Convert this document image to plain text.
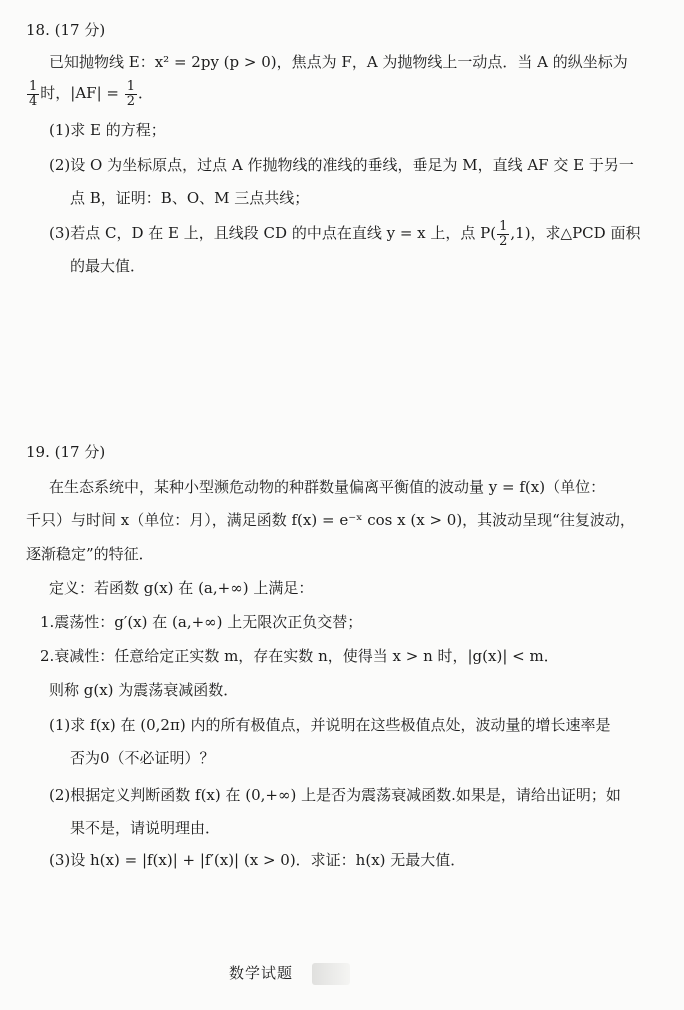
18. (17 分)
已知抛物线 E：x² = 2py (p > 0)，焦点为 F，A 为抛物线上一动点．当 A 的纵坐标为
$\frac{1}{4}$ 时，$|AF| = \frac{1}{2}$ ．
(1)求 E 的方程；
(2)设 O 为坐标原点，过点 A 作抛物线的准线的垂线，垂足为 M，直线 AF 交 E 于另一
点 B，证明：B、O、M 三点共线；
(3)若点 C，D 在 E 上，且线段 CD 的中点在直线 y = x 上，点 $P( \frac{1}{2} ,1)$，求△PCD 面积
的最大值．
19. (17 分)
在生态系统中，某种小型濒危动物的种群数量偏离平衡值的波动量 y = f(x)（单位：
千只）与时间 x（单位：月），满足函数 f(x) = e⁻ˣ cos x (x > 0)，其波动呈现“往复波动，
逐渐稳定”的特征．
定义：若函数 g(x) 在 (a,+∞) 上满足：
1.震荡性：g′(x) 在 (a,+∞) 上无限次正负交替；
2.衰减性：任意给定正实数 m，存在实数 n，使得当 x > n 时，|g(x)| < m．
则称 g(x) 为震荡衰减函数．
(1)求 f(x) 在 (0,2π) 内的所有极值点，并说明在这些极值点处，波动量的增长速率是
否为0（不必证明）？
(2)根据定义判断函数 f(x) 在 (0,+∞) 上是否为震荡衰减函数.如果是，请给出证明；如
果不是，请说明理由．
(3)设 h(x) = |f(x)| + |f′(x)| (x > 0)．求证：h(x) 无最大值．
数学试题
